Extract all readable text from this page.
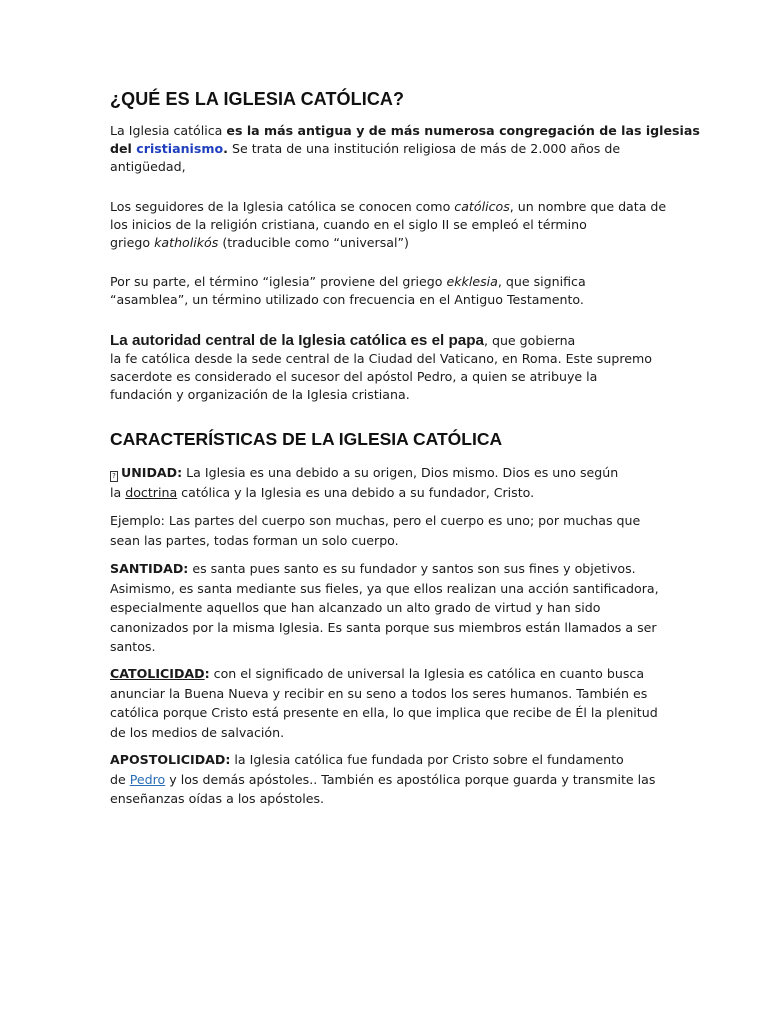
¿QUÉ ES LA IGLESIA CATÓLICA?
La Iglesia católica es la más antigua y de más numerosa congregación de las iglesias
del cristianismo. Se trata de una institución religiosa de más de 2.000 años de
antigüedad,
Los seguidores de la Iglesia católica se conocen como católicos, un nombre que data de
los inicios de la religión cristiana, cuando en el siglo II se empleó el término
griego katholikós (traducible como “universal”)
Por su parte, el término “iglesia” proviene del griego ekklesia, que significa
“asamblea”, un término utilizado con frecuencia en el Antiguo Testamento.
La autoridad central de la Iglesia católica es el papa, que gobierna
la fe católica desde la sede central de la Ciudad del Vaticano, en Roma. Este supremo
sacerdote es considerado el sucesor del apóstol Pedro, a quien se atribuye la
fundación y organización de la Iglesia cristiana.
CARACTERÍSTICAS DE LA IGLESIA CATÓLICA
? UNIDAD: La Iglesia es una debido a su origen, Dios mismo. Dios es uno según
la doctrina católica y la Iglesia es una debido a su fundador, Cristo.
Ejemplo: Las partes del cuerpo son muchas, pero el cuerpo es uno; por muchas que
sean las partes, todas forman un solo cuerpo.
SANTIDAD: es santa pues santo es su fundador y santos son sus fines y objetivos.
Asimismo, es santa mediante sus fieles, ya que ellos realizan una acción santificadora,
especialmente aquellos que han alcanzado un alto grado de virtud y han sido
canonizados por la misma Iglesia. Es santa porque sus miembros están llamados a ser
santos.
CATOLICIDAD: con el significado de universal la Iglesia es católica en cuanto busca
anunciar la Buena Nueva y recibir en su seno a todos los seres humanos. También es
católica porque Cristo está presente en ella, lo que implica que recibe de Él la plenitud
de los medios de salvación.
APOSTOLICIDAD: la Iglesia católica fue fundada por Cristo sobre el fundamento
de Pedro y los demás apóstoles.. También es apostólica porque guarda y transmite las
enseñanzas oídas a los apóstoles.
